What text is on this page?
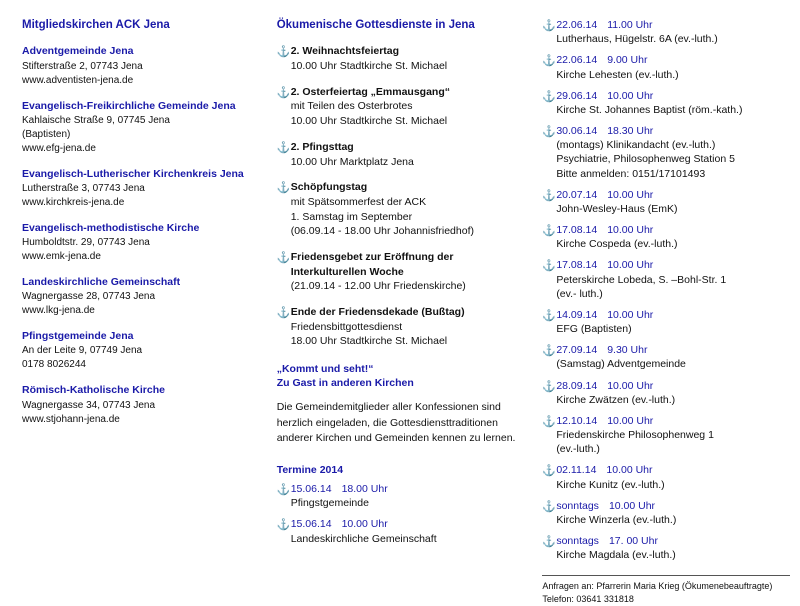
Mitgliedskirchen ACK Jena
Adventgemeinde Jena
Stifterstraße 2, 07743 Jena
www.adventisten-jena.de
Evangelisch-Freikirchliche Gemeinde Jena
Kahlaische Straße 9, 07745 Jena
(Baptisten)
www.efg-jena.de
Evangelisch-Lutherischer Kirchenkreis Jena
Lutherstraße 3, 07743 Jena
www.kirchkreis-jena.de
Evangelisch-methodistische Kirche
Humboldtstr. 29, 07743 Jena
www.emk-jena.de
Landeskirchliche Gemeinschaft
Wagnergasse 28, 07743 Jena
www.lkg-jena.de
Pfingstgemeinde Jena
An der Leite 9, 07749 Jena
0178 8026244
Römisch-Katholische Kirche
Wagnergasse 34, 07743 Jena
www.stjohann-jena.de
Ökumenische Gottesdienste in Jena
⚓ 2. Weihnachtsfeiertag
10.00 Uhr Stadtkirche St. Michael
⚓ 2. Osterfeiertag „Emmausgang“
mit Teilen des Osterbrotes
10.00 Uhr Stadtkirche St. Michael
⚓ 2. Pfingsttag
10.00 Uhr Marktplatz Jena
⚓ Schöpfungstag
mit Spätsommerfest der ACK
1. Samstag im September
(06.09.14 - 18.00 Uhr Johannisfriedhof)
⚓ Friedensgebet zur Eröffnung der
Interkulturellen Woche
(21.09.14 - 12.00 Uhr Friedenskirche)
⚓ Ende der Friedensdekade (Bußtag)
Friedensbittgottesdienst
18.00 Uhr Stadtkirche St. Michael
„Kommt und seht!“
Zu Gast in anderen Kirchen
Die Gemeindemitglieder aller Konfessionen sind herzlich eingeladen, die Gottesdiensttraditionen anderer Kirchen und Gemeinden kennen zu lernen.
Termine 2014
⚓ 15.06.14 18.00 Uhr
Pfingstgemeinde
⚓ 15.06.14 10.00 Uhr
Landeskirchliche Gemeinschaft
⚓ 22.06.14 11.00 Uhr
Lutherhaus, Hügelstr. 6A (ev.-luth.)
⚓ 22.06.14 9.00 Uhr
Kirche Lehesten (ev.-luth.)
⚓ 29.06.14 10.00 Uhr
Kirche St. Johannes Baptist (röm.-kath.)
⚓ 30.06.14 18.30 Uhr
(montags) Klinikandacht (ev.-luth.)
Psychiatrie, Philosophenweg Station 5
Bitte anmelden: 0151/17101493
⚓ 20.07.14 10.00 Uhr
John-Wesley-Haus (EmK)
⚓ 17.08.14 10.00 Uhr
Kirche Cospeda (ev.-luth.)
⚓ 17.08.14 10.00 Uhr
Peterskirche Lobeda, S. –Bohl-Str. 1
(ev.- luth.)
⚓ 14.09.14 10.00 Uhr
EFG (Baptisten)
⚓ 27.09.14 9.30 Uhr
(Samstag) Adventgemeinde
⚓ 28.09.14 10.00 Uhr
Kirche Zwätzen (ev.-luth.)
⚓ 12.10.14 10.00 Uhr
Friedenskirche Philosophenweg 1
(ev.-luth.)
⚓ 02.11.14 10.00 Uhr
Kirche Kunitz (ev.-luth.)
⚓ sonntags 10.00 Uhr
Kirche Winzerla (ev.-luth.)
⚓ sonntags 17. 00 Uhr
Kirche Magdala (ev.-luth.)
Anfragen an: Pfarrerin Maria Krieg (Ökumenebeauftragte)
Telefon: 03641 331818
